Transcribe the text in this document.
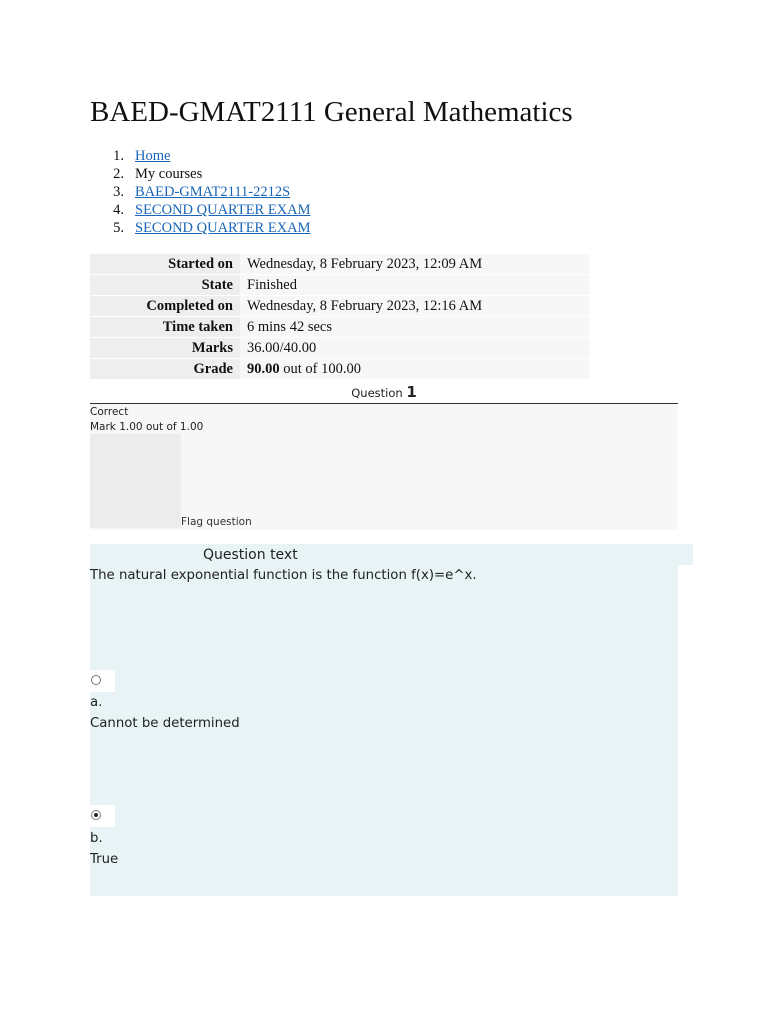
BAED-GMAT2111 General Mathematics
1. Home
2. My courses
3. BAED-GMAT2111-2212S
4. SECOND QUARTER EXAM
5. SECOND QUARTER EXAM
Started on	Wednesday, 8 February 2023, 12:09 AM
State	Finished
Completed on	Wednesday, 8 February 2023, 12:16 AM
Time taken	6 mins 42 secs
Marks	36.00/40.00
Grade	90.00 out of 100.00
Question 1
Correct
Mark 1.00 out of 1.00
Flag question
Question text
The natural exponential function is the function f(x)=e^x.
a.
Cannot be determined
b.
True
